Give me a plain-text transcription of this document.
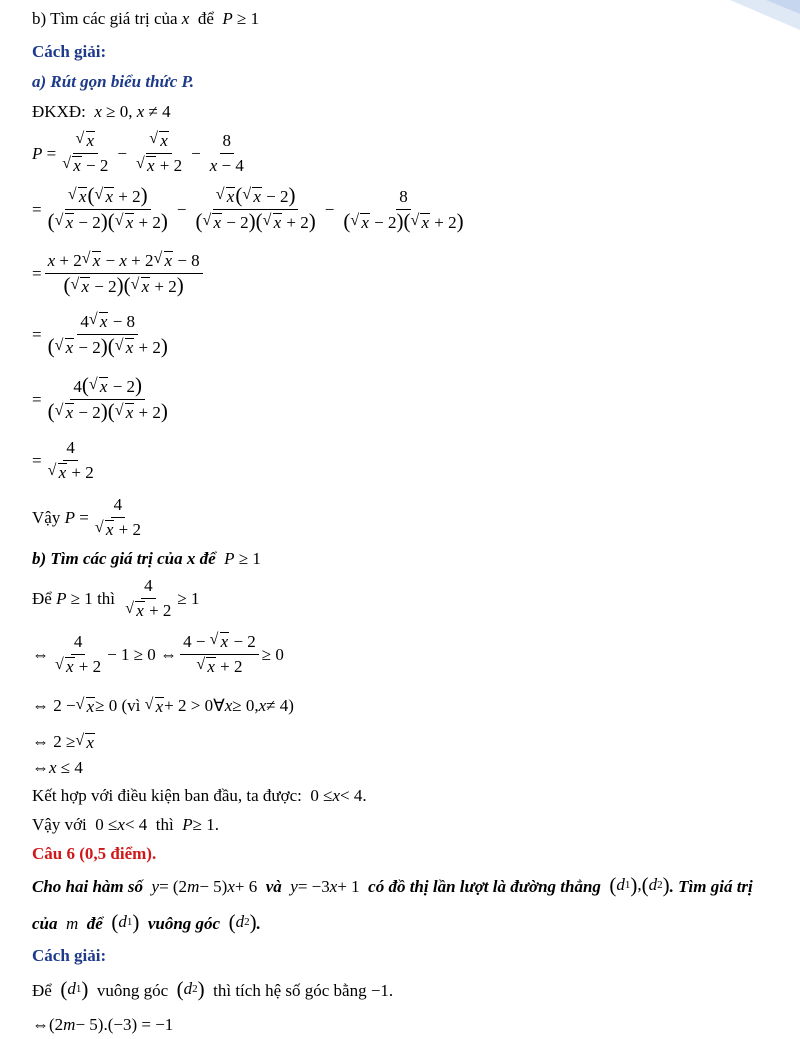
b) Tìm các giá trị của x để P ≥ 1
Cách giải:
a) Rút gọn biểu thức P.
ĐKXĐ: x ≥ 0, x ≠ 4
P = √ x
√ x − 2 − √ x
√ $x + 2 - \frac{8}{x - 4}$
= √ $\frac{x( √ x + 2)}{( √ x - 2)( √ x + 2)}$ − √ $\frac{x( √ x - 2)}{( √ x - 2)( √ x + 2)} - \frac{8}{( √ x - 2)( √ x + 2)}$
= $\frac{x + 2 √ x - x + 2 √ x - 8}{( √ x - 2)( √ x + 2)}$
= $\frac{4 √ x - 8}{( √ x - 2)( √ x + 2)}$
= $\frac{4( √ x - 2)}{( √ x - 2)( √ x + 2)}$
= 4
√ x + 2
Vậy
P = 4
√ x + 2
b) Tìm các giá trị của x để P ≥ 1
Để
P ≥ 1 thì
4
√ x + 2 ≥ 1
⇔ 4
√ x + 2 − 1 ≥ 0 ⇔ 4 − √ x − 2
√ x + 2 ≥ 0
⇔ 2 − √ x ≥ 0 (vì
√ x + 2 > 0∀ x ≥ 0, x ≠ 4)
⇔ 2 ≥ √ x
⇔ x ≤ 4
Kết hợp với điều kiện ban đầu, ta được: 0 ≤ x < 4.
Vậy với 0 ≤ x < 4 thì P ≥ 1.
Câu 6 (0,5 điểm).
Cho hai hàm số y = (2 m − 5) x + 6 và y = −3 x + 1 có đồ thị lần lượt là đường thẳng ( d 1 ) , ( d 2 ) . Tìm giá trị
của m để ( d 1 ) vuông góc ( d 2 ) .
Cách giải:
Để ( d 1 ) vuông góc ( d 2 ) thì tích hệ số góc bằng −1.
⇔(2 m − 5).(−3) = −1
